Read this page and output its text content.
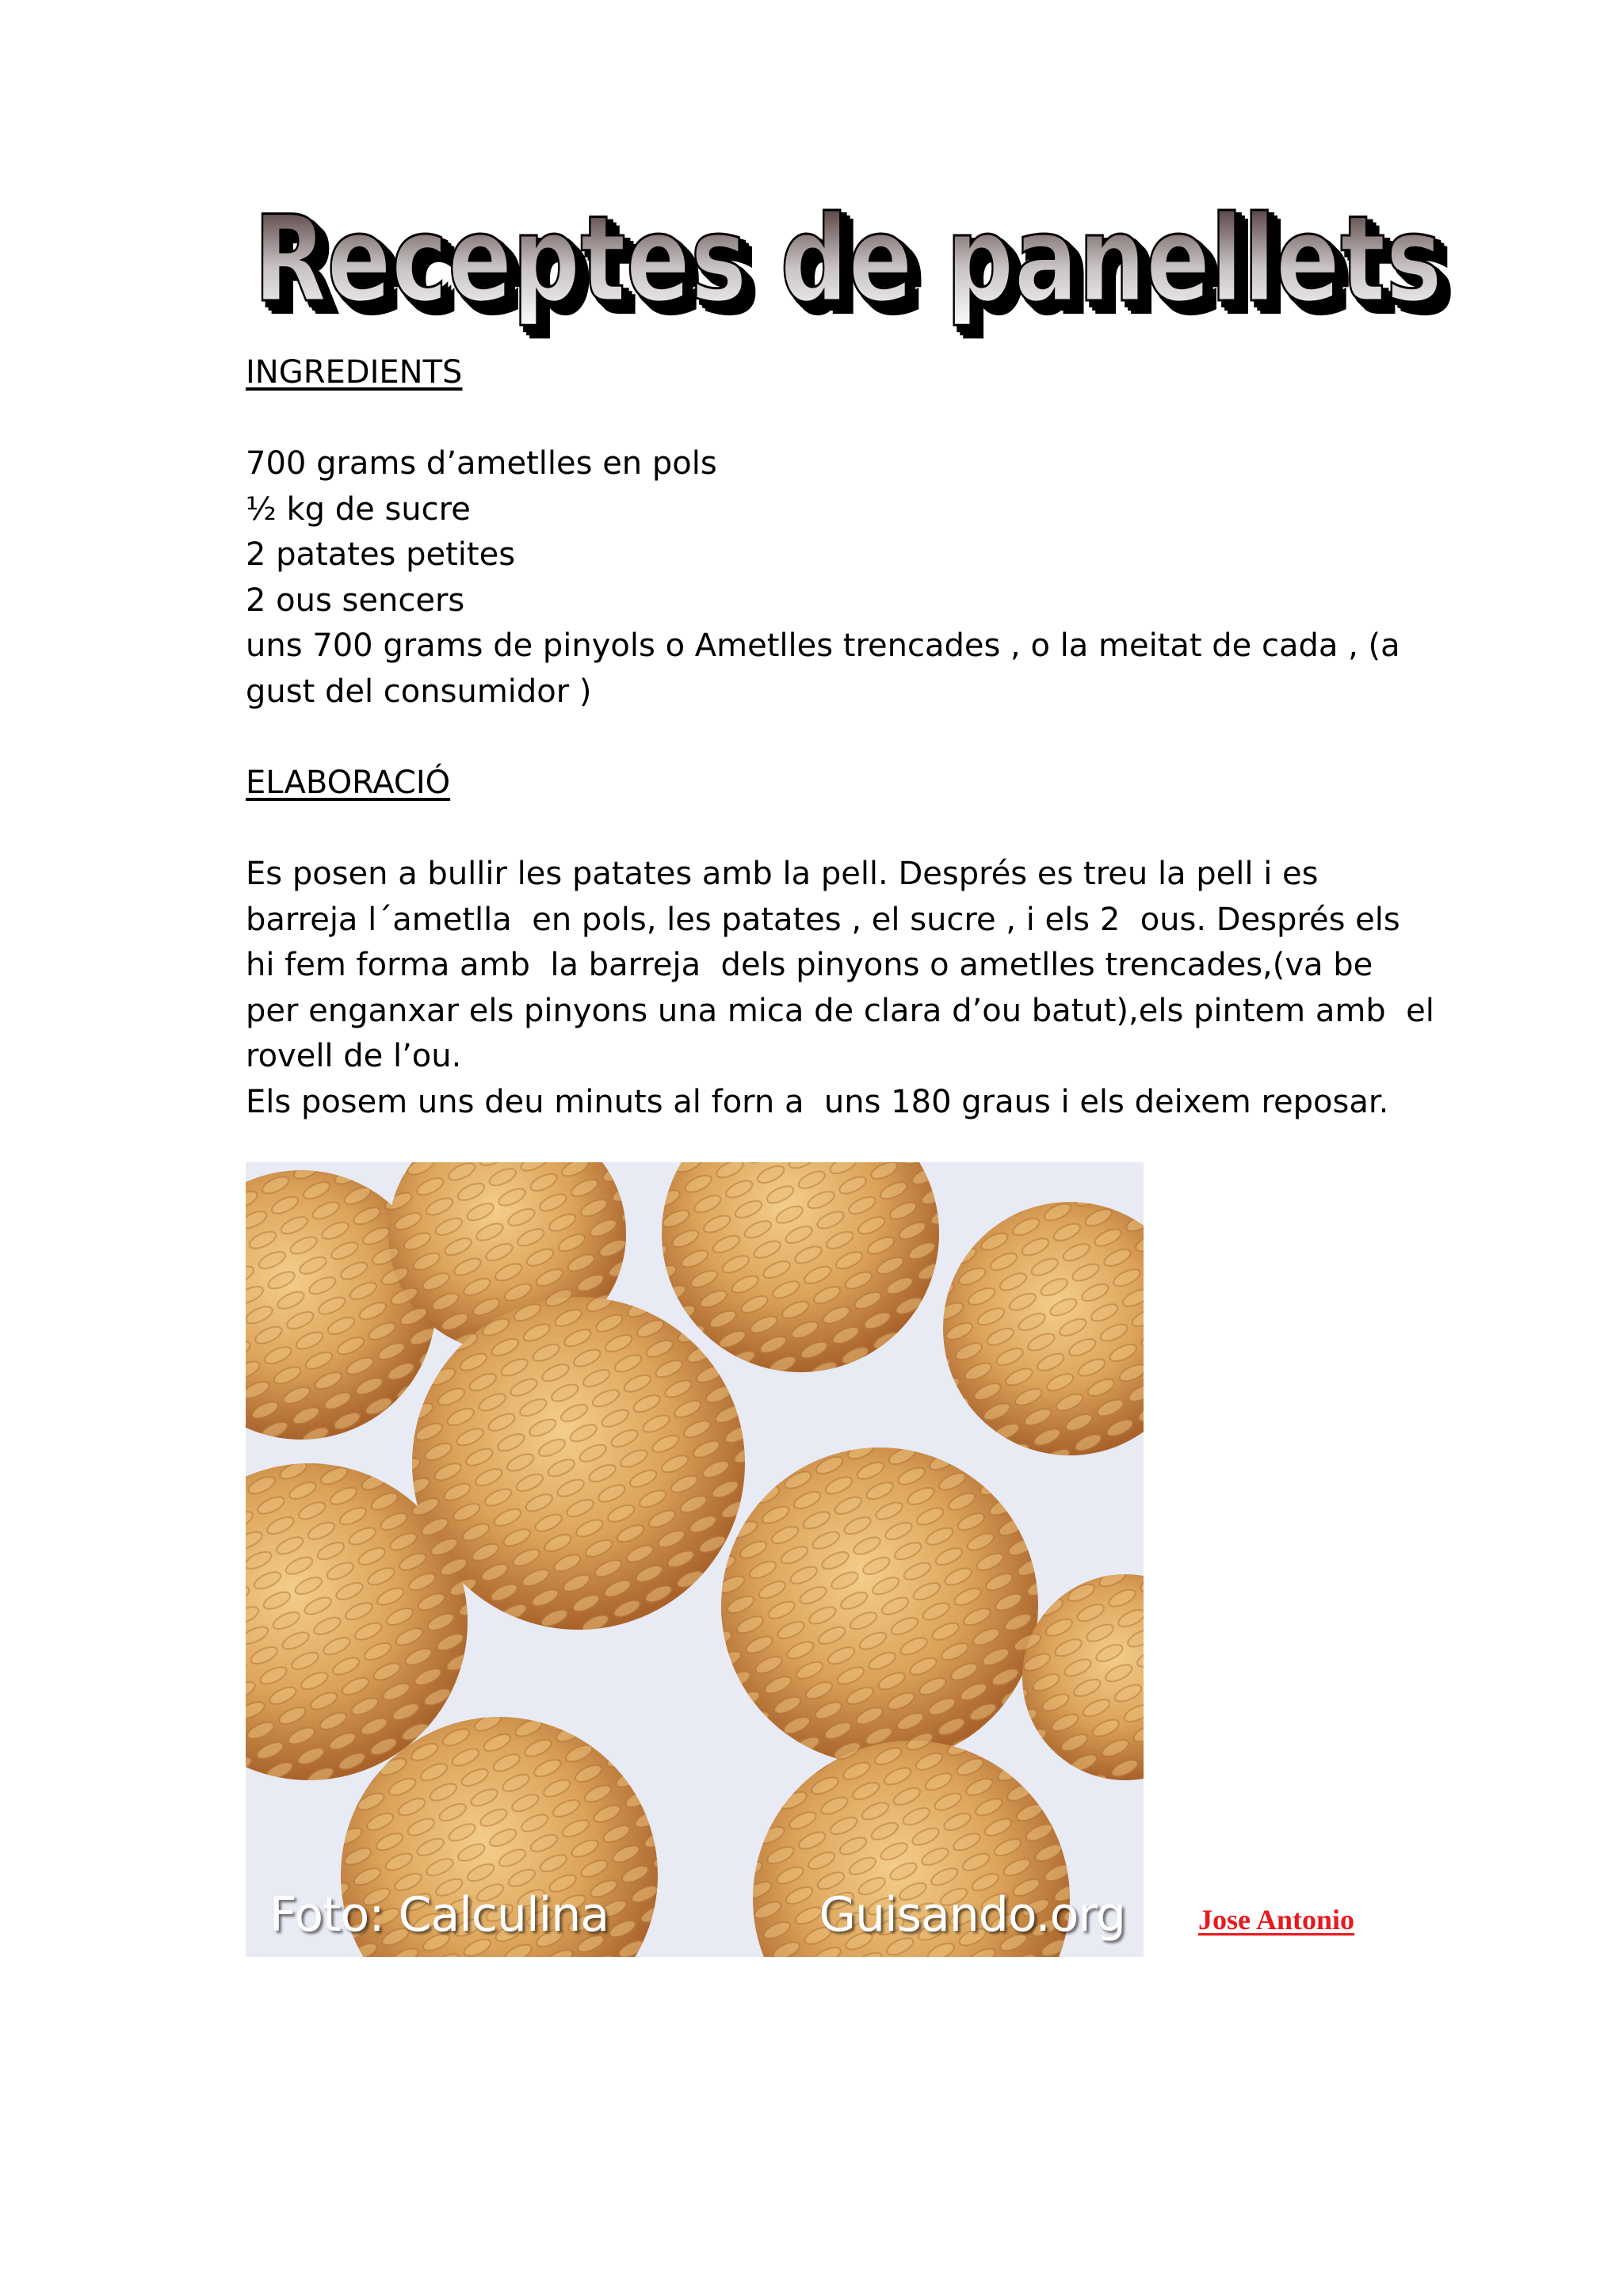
Receptes de panellets
Receptes de panellets
Receptes de panellets
Receptes de panellets
INGREDIENTS
700 grams d’ametlles en pols
½ kg de sucre
2 patates petites
2 ous sencers
uns 700 grams de pinyols o Ametlles trencades , o la meitat de cada , (a
gust del consumidor )
ELABORACIÓ
Es posen a bullir les patates amb la pell. Després es treu la pell i es
barreja l´ametlla  en pols, les patates , el sucre , i els 2  ous. Després els
hi fem forma amb  la barreja  dels pinyons o ametlles trencades,(va be
per enganxar els pinyons una mica de clara d’ou batut),els pintem amb  el
rovell de l’ou.
Els posem uns deu minuts al forn a  uns 180 graus i els deixem reposar.
Foto: Calculina	Guisando.org	Jose Antonio
